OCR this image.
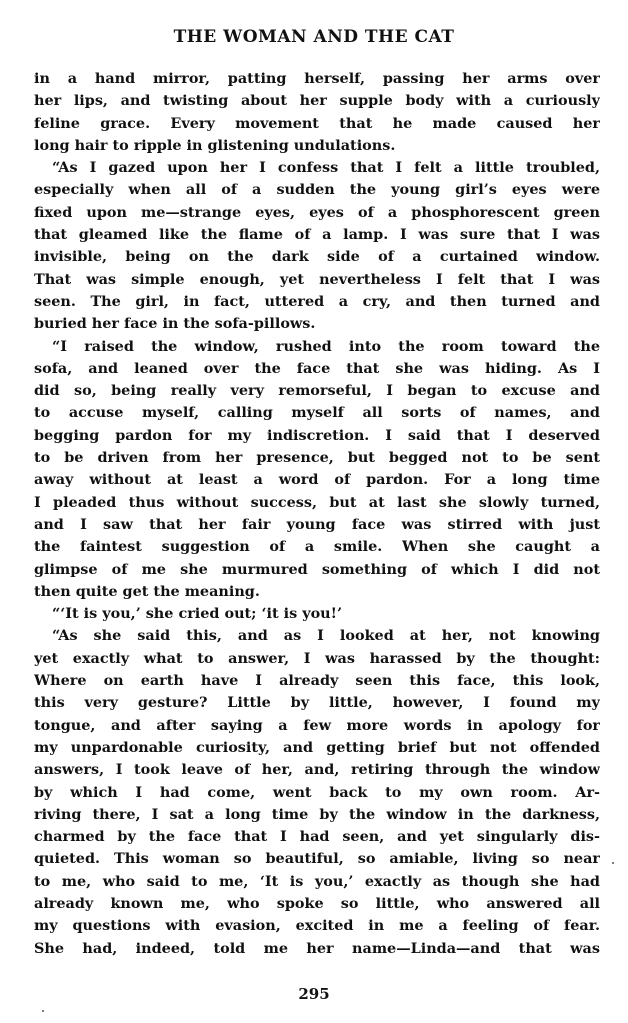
THE WOMAN AND THE CAT
in a hand mirror, patting herself, passing her arms over
her lips, and twisting about her supple body with a curiously
feline grace. Every movement that he made caused her
long hair to ripple in glistening undulations.
“As I gazed upon her I confess that I felt a little troubled,
especially when all of a sudden the young girl’s eyes were
fixed upon me—strange eyes, eyes of a phosphorescent green
that gleamed like the flame of a lamp. I was sure that I was
invisible, being on the dark side of a curtained window.
That was simple enough, yet nevertheless I felt that I was
seen. The girl, in fact, uttered a cry, and then turned and
buried her face in the sofa-pillows.
“I raised the window, rushed into the room toward the
sofa, and leaned over the face that she was hiding. As I
did so, being really very remorseful, I began to excuse and
to accuse myself, calling myself all sorts of names, and
begging pardon for my indiscretion. I said that I deserved
to be driven from her presence, but begged not to be sent
away without at least a word of pardon. For a long time
I pleaded thus without success, but at last she slowly turned,
and I saw that her fair young face was stirred with just
the faintest suggestion of a smile. When she caught a
glimpse of me she murmured something of which I did not
then quite get the meaning.
“‘It is you,’ she cried out; ‘it is you!’
“As she said this, and as I looked at her, not knowing
yet exactly what to answer, I was harassed by the thought:
Where on earth have I already seen this face, this look,
this very gesture? Little by little, however, I found my
tongue, and after saying a few more words in apology for
my unpardonable curiosity, and getting brief but not offended
answers, I took leave of her, and, retiring through the window
by which I had come, went back to my own room. Ar-
riving there, I sat a long time by the window in the darkness,
charmed by the face that I had seen, and yet singularly dis-
quieted. This woman so beautiful, so amiable, living so near
to me, who said to me, ‘It is you,’ exactly as though she had
already known me, who spoke so little, who answered all
my questions with evasion, excited in me a feeling of fear.
She had, indeed, told me her name—Linda—and that was
295
